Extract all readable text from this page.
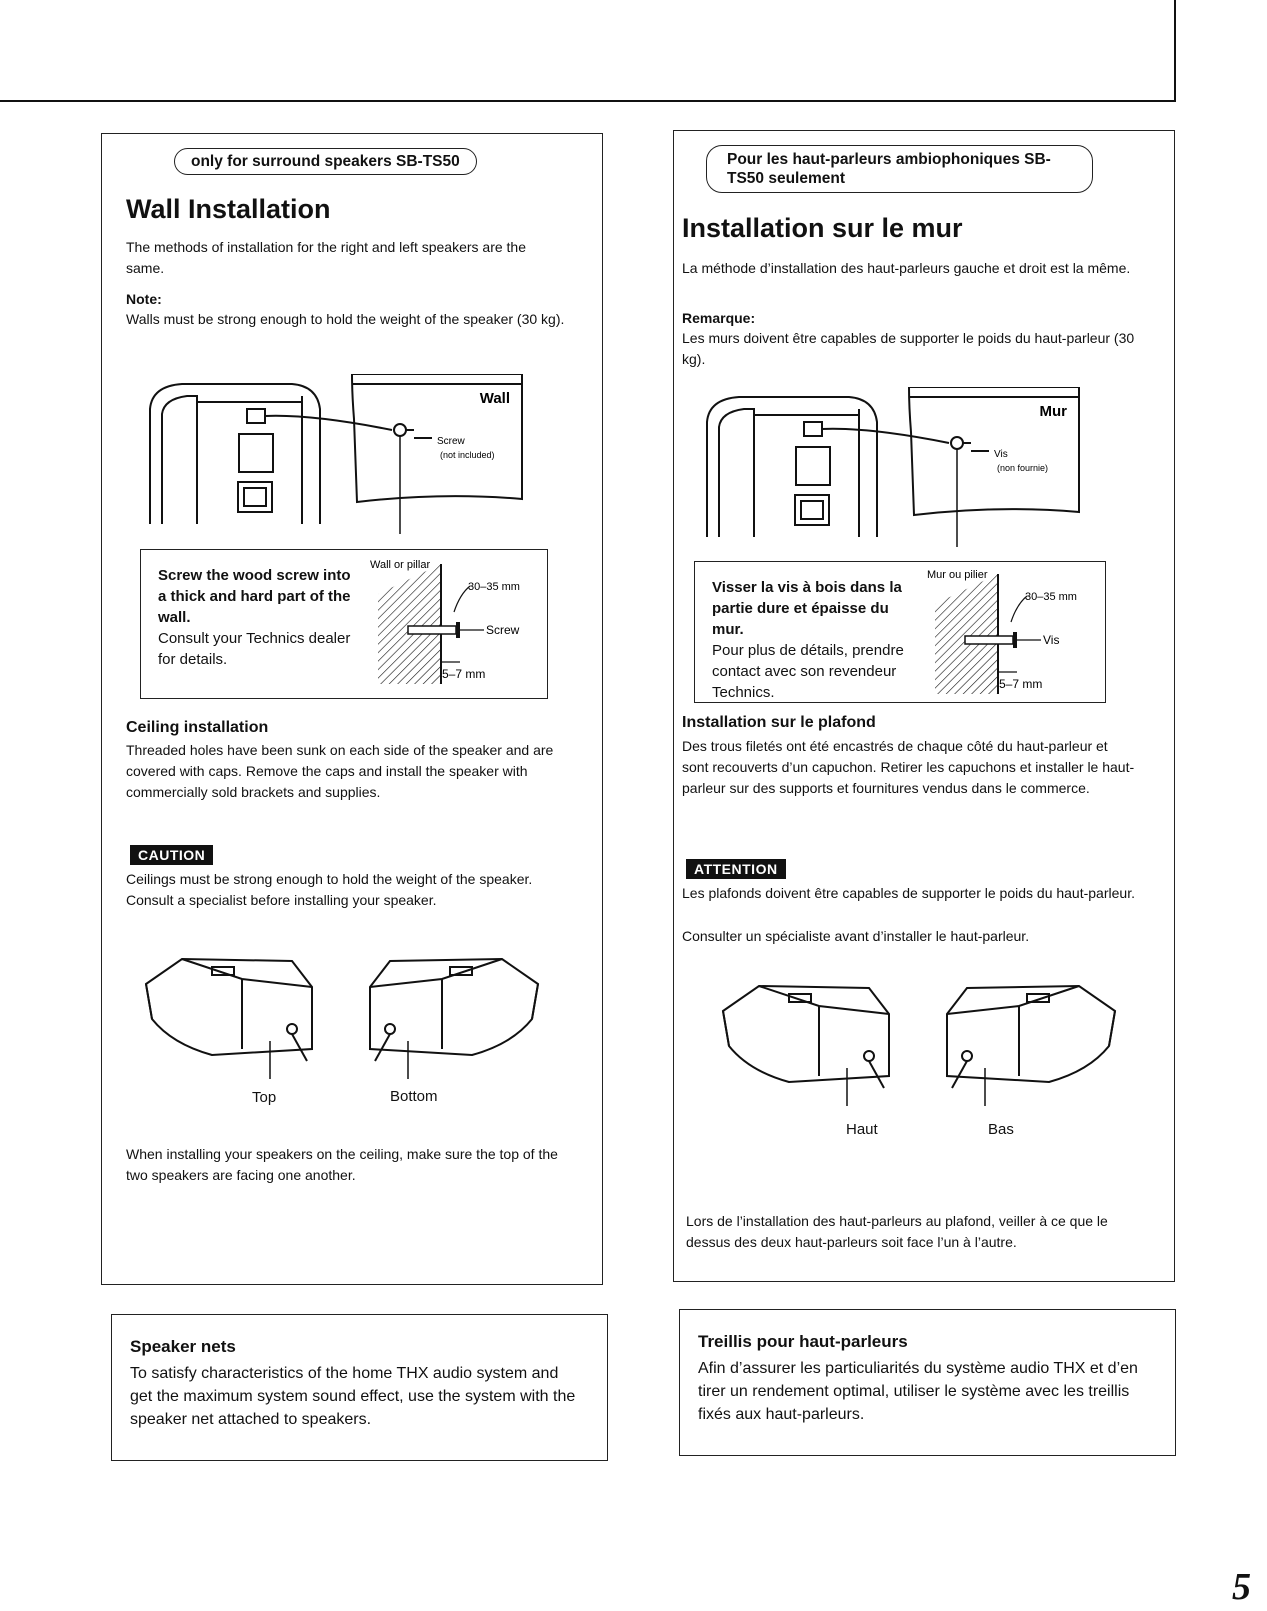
only for surround speakers SB-TS50
Wall Installation
The methods of installation for the right and left speakers are the same.
Note:
Walls must be strong enough to hold the weight of the speaker (30 kg).
Wall
Screw
(not included)
Screw the wood screw into a thick and hard part of the wall.
Consult your Technics dealer for details.
Wall or pillar
30–35 mm
Screw
5–7 mm
Ceiling installation
Threaded holes have been sunk on each side of the speaker and are covered with caps. Remove the caps and install the speaker with commercially sold brackets and supplies.
CAUTION
Ceilings must be strong enough to hold the weight of the speaker. Consult a specialist before installing your speaker.
Top	Bottom
When installing your speakers on the ceiling, make sure the top of the two speakers are facing one another.
Pour les haut-parleurs ambiophoniques SB-TS50 seulement
Installation sur le mur
La méthode d’installation des haut-parleurs gauche et droit est la même.
Remarque:
Les murs doivent être capables de supporter le poids du haut-parleur (30 kg).
Mur
Vis
(non fournie)
Visser la vis à bois dans la partie dure et épaisse du mur.
Pour plus de détails, prendre contact avec son revendeur Technics.
Mur ou pilier
30–35 mm
Vis
5–7 mm
Installation sur le plafond
Des trous filetés ont été encastrés de chaque côté du haut-parleur et sont recouverts d’un capuchon. Retirer les capuchons et installer le haut-parleur sur des supports et fournitures vendus dans le commerce.
ATTENTION
Les plafonds doivent être capables de supporter le poids du haut-parleur.
Consulter un spécialiste avant d’installer le haut-parleur.
Haut	Bas
Lors de l’installation des haut-parleurs au plafond, veiller à ce que le dessus des deux haut-parleurs soit face l’un à l’autre.
Speaker nets
To satisfy characteristics of the home THX audio system and get the maximum system sound effect, use the system with the speaker net attached to speakers.
Treillis pour haut-parleurs
Afin d’assurer les particuliarités du système audio THX et d’en tirer un rendement optimal, utiliser le système avec les treillis fixés aux haut-parleurs.
5
